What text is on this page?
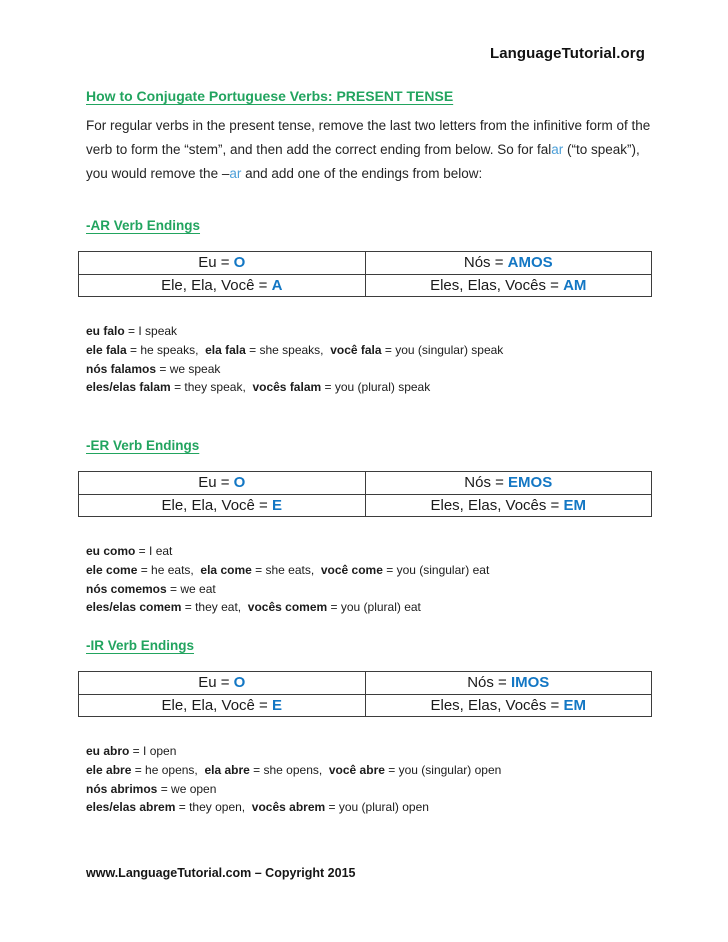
LanguageTutorial.org
How to Conjugate Portuguese Verbs: PRESENT TENSE

For regular verbs in the present tense, remove the last two letters from the infinitive form of the verb to form the “stem”, and then add the correct ending from below. So for falar (“to speak”), you would remove the –ar and add one of the endings from below:

-AR Verb Endings
Eu = O	Nós = AMOS
Ele, Ela, Você = A	Eles, Elas, Vocês = AM
eu falo = I speak
ele fala = he speaks,  ela fala = she speaks,  você fala = you (singular) speak
nós falamos = we speak
eles/elas falam = they speak,  vocês falam = you (plural) speak
-ER Verb Endings
Eu = O	Nós = EMOS
Ele, Ela, Você = E	Eles, Elas, Vocês = EM
eu como = I eat
ele come = he eats,  ela come = she eats,  você come = you (singular) eat
nós comemos = we eat
eles/elas comem = they eat,  vocês comem = you (plural) eat
-IR Verb Endings
Eu = O	Nós = IMOS
Ele, Ela, Você = E	Eles, Elas, Vocês = EM
eu abro = I open
ele abre = he opens,  ela abre = she opens,  você abre = you (singular) open
nós abrimos = we open
eles/elas abrem = they open,  vocês abrem = you (plural) open
www.LanguageTutorial.com – Copyright 2015
